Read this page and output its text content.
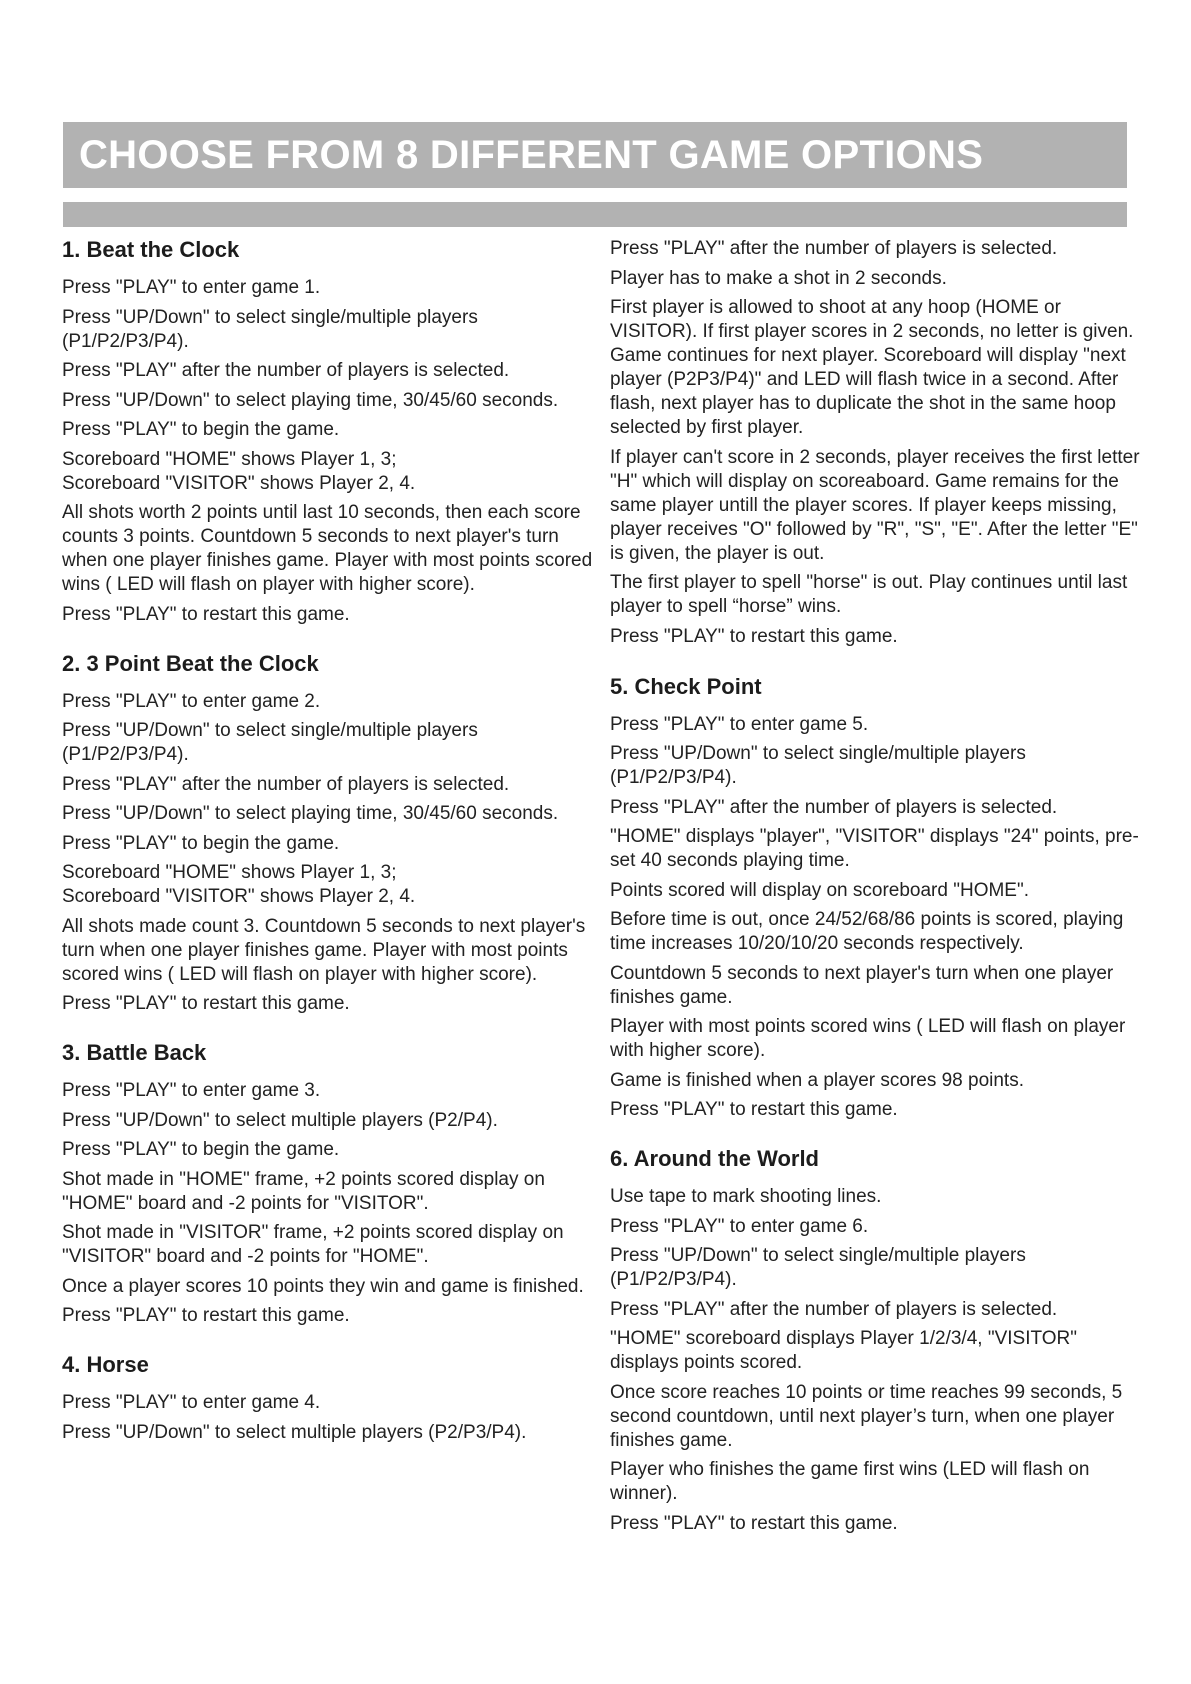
CHOOSE FROM 8 DIFFERENT GAME OPTIONS
1. Beat the Clock
Press "PLAY" to enter game 1.
Press "UP/Down" to select single/multiple players (P1/P2/P3/P4).
Press "PLAY" after the number of players is selected.
Press "UP/Down" to select playing time, 30/45/60 seconds.
Press "PLAY" to begin the game.
Scoreboard "HOME" shows Player 1, 3;
Scoreboard "VISITOR" shows Player 2, 4.
All shots worth 2 points until last 10 seconds, then each score counts 3 points. Countdown 5 seconds to next player's turn when one player finishes game. Player with most points scored wins ( LED will flash on player with higher score).
Press "PLAY" to restart this game.
2. 3 Point Beat the Clock
Press "PLAY" to enter game 2.
Press "UP/Down" to select single/multiple players (P1/P2/P3/P4).
Press "PLAY" after the number of players is selected.
Press "UP/Down" to select playing time, 30/45/60 seconds.
Press "PLAY" to begin the game.
Scoreboard "HOME" shows Player 1, 3;
Scoreboard "VISITOR" shows Player 2, 4.
All shots made count 3. Countdown 5 seconds to next player's turn when one player finishes game. Player with most points scored wins ( LED will flash on player with higher score).
Press "PLAY" to restart this game.
3. Battle Back
Press "PLAY" to enter game 3.
Press "UP/Down" to select multiple players (P2/P4).
Press "PLAY" to begin the game.
Shot made in "HOME" frame, +2 points scored display on "HOME" board and -2 points for "VISITOR".
Shot made in "VISITOR" frame, +2 points scored display on "VISITOR" board and -2 points for "HOME".
Once a player scores 10 points they win and game is finished.
Press "PLAY" to restart this game.
4. Horse
Press "PLAY" to enter game 4.
Press "UP/Down" to select multiple players (P2/P3/P4).
Press "PLAY" after the number of players is selected.
Player has to make a shot in 2 seconds.
First player is allowed to shoot at any hoop (HOME or VISITOR). If first player scores in 2 seconds, no letter is given. Game continues for next player. Scoreboard will display "next player (P2P3/P4)" and LED will flash twice in a second. After flash, next player has to duplicate the shot in the same hoop selected by first player.
If player can't score in 2 seconds, player receives the first letter "H" which will display on scoreaboard. Game remains for the same player untill the player scores. If player keeps missing, player receives "O" followed by "R", "S", "E". After the letter "E" is given, the player is out.
The first player to spell "horse" is out. Play continues until last player to spell “horse” wins.
Press "PLAY" to restart this game.
5. Check Point
Press "PLAY" to enter game 5.
Press "UP/Down" to select single/multiple players (P1/P2/P3/P4).
Press "PLAY" after the number of players is selected.
"HOME" displays "player", "VISITOR" displays "24" points, pre-set 40 seconds playing time.
Points scored will display on scoreboard "HOME".
Before time is out, once 24/52/68/86 points is scored, playing time increases 10/20/10/20 seconds respectively.
Countdown 5 seconds to next player's turn when one player finishes game.
Player with most points scored wins ( LED will flash on player with higher score).
Game is finished when a player scores 98 points.
Press "PLAY" to restart this game.
6. Around the World
Use tape to mark shooting lines.
Press "PLAY" to enter game 6.
Press "UP/Down" to select single/multiple players (P1/P2/P3/P4).
Press "PLAY" after the number of players is selected.
"HOME" scoreboard displays Player 1/2/3/4, "VISITOR" displays points scored.
Once score reaches 10 points or time reaches 99 seconds, 5 second countdown, until next player’s turn, when one player finishes game.
Player who finishes the game first wins (LED will flash on winner).
Press "PLAY" to restart this game.
